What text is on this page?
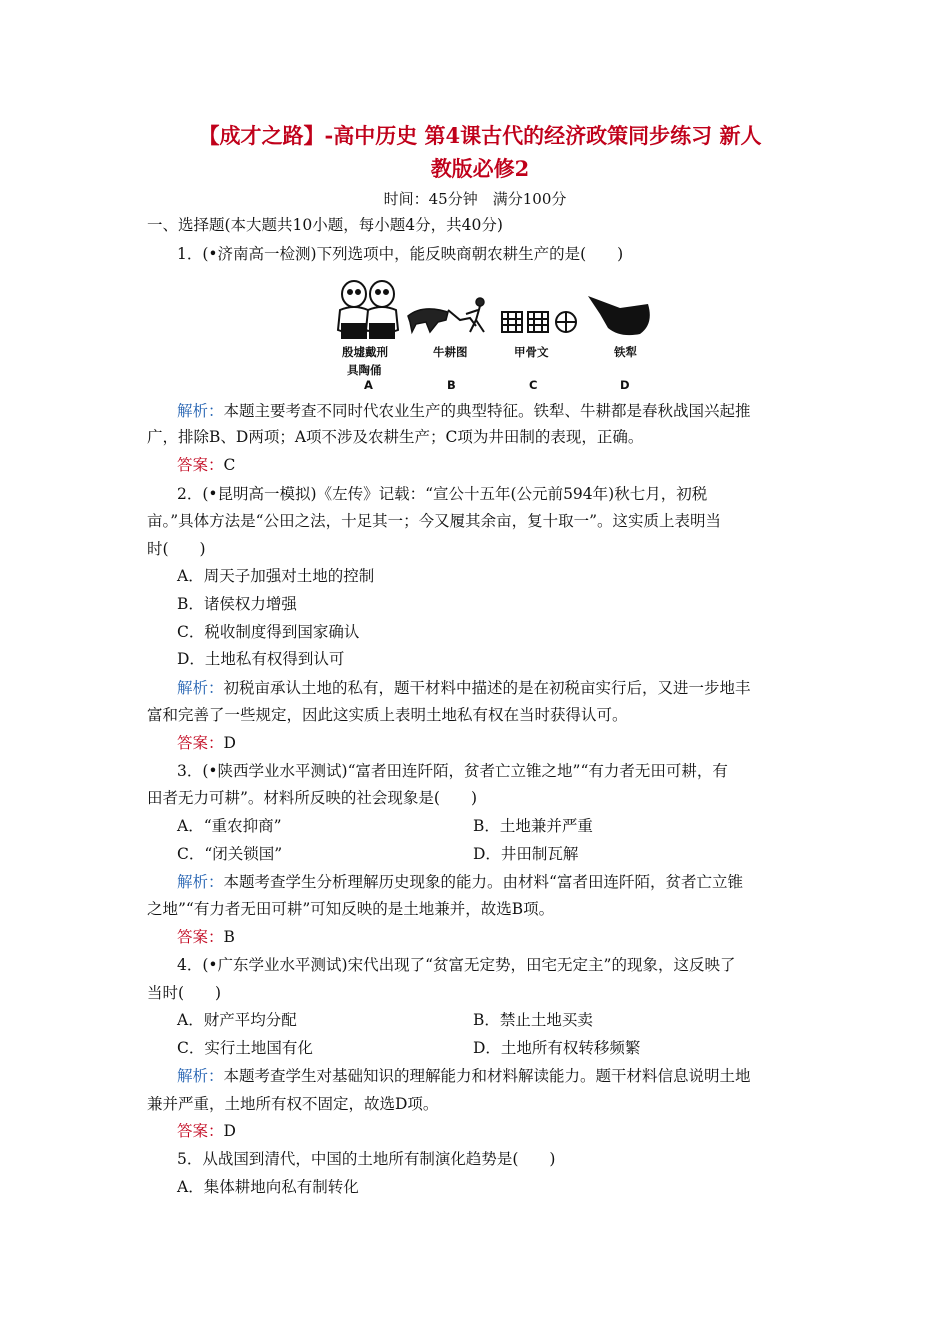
【成才之路】-高中历史 第4课古代的经济政策同步练习 新人
教版必修2
时间：45分钟　满分100分
一、选择题(本大题共10小题，每小题4分，共40分)
1．(•济南高一检测)下列选项中，能反映商朝农耕生产的是(　　)
殷墟戴刑
具陶俑
牛耕图	甲骨文	铁犁
A	B	C	D
解析：本题主要考查不同时代农业生产的典型特征。铁犁、牛耕都是春秋战国兴起推
广，排除B、D两项；A项不涉及农耕生产；C项为井田制的表现，正确。
答案：C
2．(•昆明高一模拟)《左传》记载：“宣公十五年(公元前594年)秋七月，初税
亩。”具体方法是“公田之法，十足其一；今又履其余亩，复十取一”。这实质上表明当
时(　　)
A．周天子加强对土地的控制
B．诸侯权力增强
C．税收制度得到国家确认
D．土地私有权得到认可
解析：初税亩承认土地的私有，题干材料中描述的是在初税亩实行后，又进一步地丰
富和完善了一些规定，因此这实质上表明土地私有权在当时获得认可。
答案：D
3．(•陕西学业水平测试)“富者田连阡陌，贫者亡立锥之地”“有力者无田可耕，有
田者无力可耕”。材料所反映的社会现象是(　　)
A．“重农抑商”	B．土地兼并严重
C．“闭关锁国”	D．井田制瓦解
解析：本题考查学生分析理解历史现象的能力。由材料“富者田连阡陌，贫者亡立锥
之地”“有力者无田可耕”可知反映的是土地兼并，故选B项。
答案：B
4．(•广东学业水平测试)宋代出现了“贫富无定势，田宅无定主”的现象，这反映了
当时(　　)
A．财产平均分配	B．禁止土地买卖
C．实行土地国有化	D．土地所有权转移频繁
解析：本题考查学生对基础知识的理解能力和材料解读能力。题干材料信息说明土地
兼并严重，土地所有权不固定，故选D项。
答案：D
5．从战国到清代，中国的土地所有制演化趋势是(　　)
A．集体耕地向私有制转化
